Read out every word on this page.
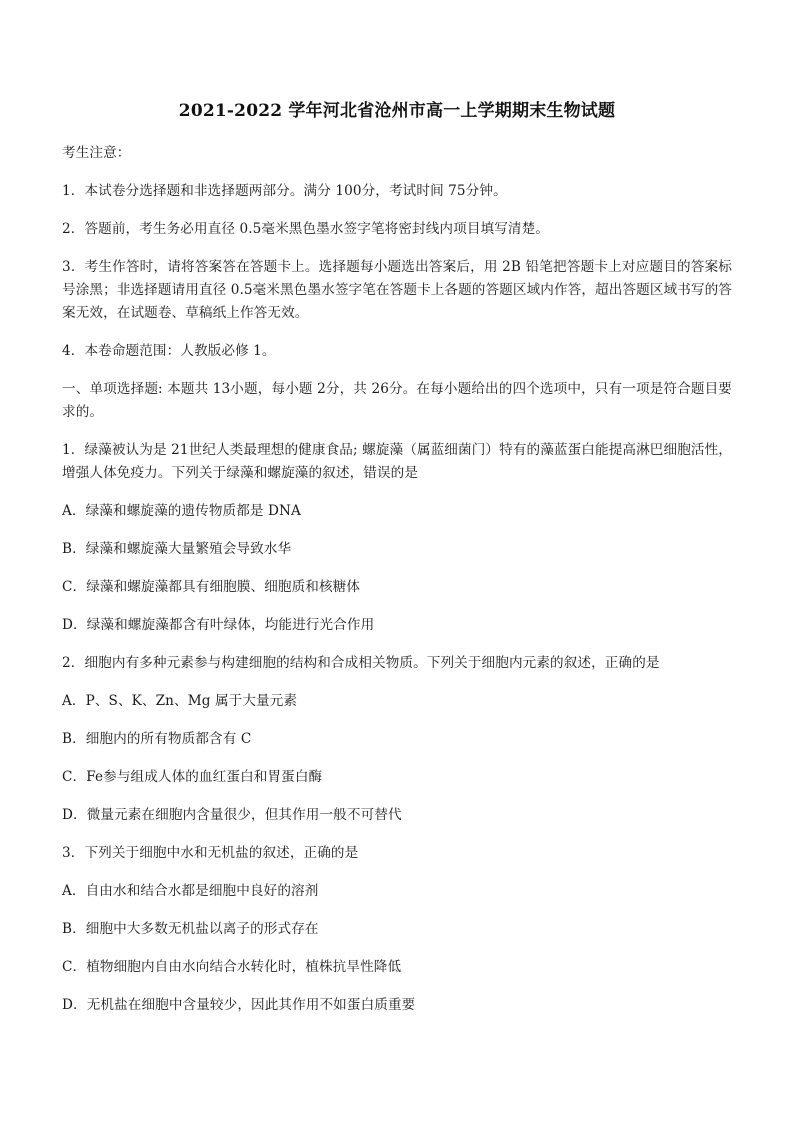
2021-2022 学年河北省沧州市高一上学期期末生物试题
考生注意：
1．本试卷分选择题和非选择题两部分。满分 100分，考试时间 75分钟。
2．答题前，考生务必用直径 0.5毫米黑色墨水签字笔将密封线内项目填写清楚。
3．考生作答时，请将答案答在答题卡上。选择题每小题选出答案后，用 2B 铅笔把答题卡上对应题目的答案标号涂黑；非选择题请用直径 0.5毫米黑色墨水签字笔在答题卡上各题的答题区域内作答，超出答题区域书写的答案无效，在试题卷、草稿纸上作答无效。
4．本卷命题范围：人教版必修 1。
一、单项选择题: 本题共 13小题，每小题 2分，共 26分。在每小题给出的四个选项中，只有一项是符合题目要求的。
1．绿藻被认为是 21世纪人类最理想的健康食品; 螺旋藻（属蓝细菌门）特有的藻蓝蛋白能提高淋巴细胞活性，增强人体免疫力。下列关于绿藻和螺旋藻的叙述，错误的是
A．绿藻和螺旋藻的遗传物质都是 DNA
B．绿藻和螺旋藻大量繁殖会导致水华
C．绿藻和螺旋藻都具有细胞膜、细胞质和核糖体
D．绿藻和螺旋藻都含有叶绿体，均能进行光合作用
2．细胞内有多种元素参与构建细胞的结构和合成相关物质。下列关于细胞内元素的叙述，正确的是
A．P、S、K、Zn、Mg 属于大量元素
B．细胞内的所有物质都含有 C
C．Fe参与组成人体的血红蛋白和胃蛋白酶
D．微量元素在细胞内含量很少，但其作用一般不可替代
3．下列关于细胞中水和无机盐的叙述，正确的是
A．自由水和结合水都是细胞中良好的溶剂
B．细胞中大多数无机盐以离子的形式存在
C．植物细胞内自由水向结合水转化时，植株抗旱性降低
D．无机盐在细胞中含量较少，因此其作用不如蛋白质重要
